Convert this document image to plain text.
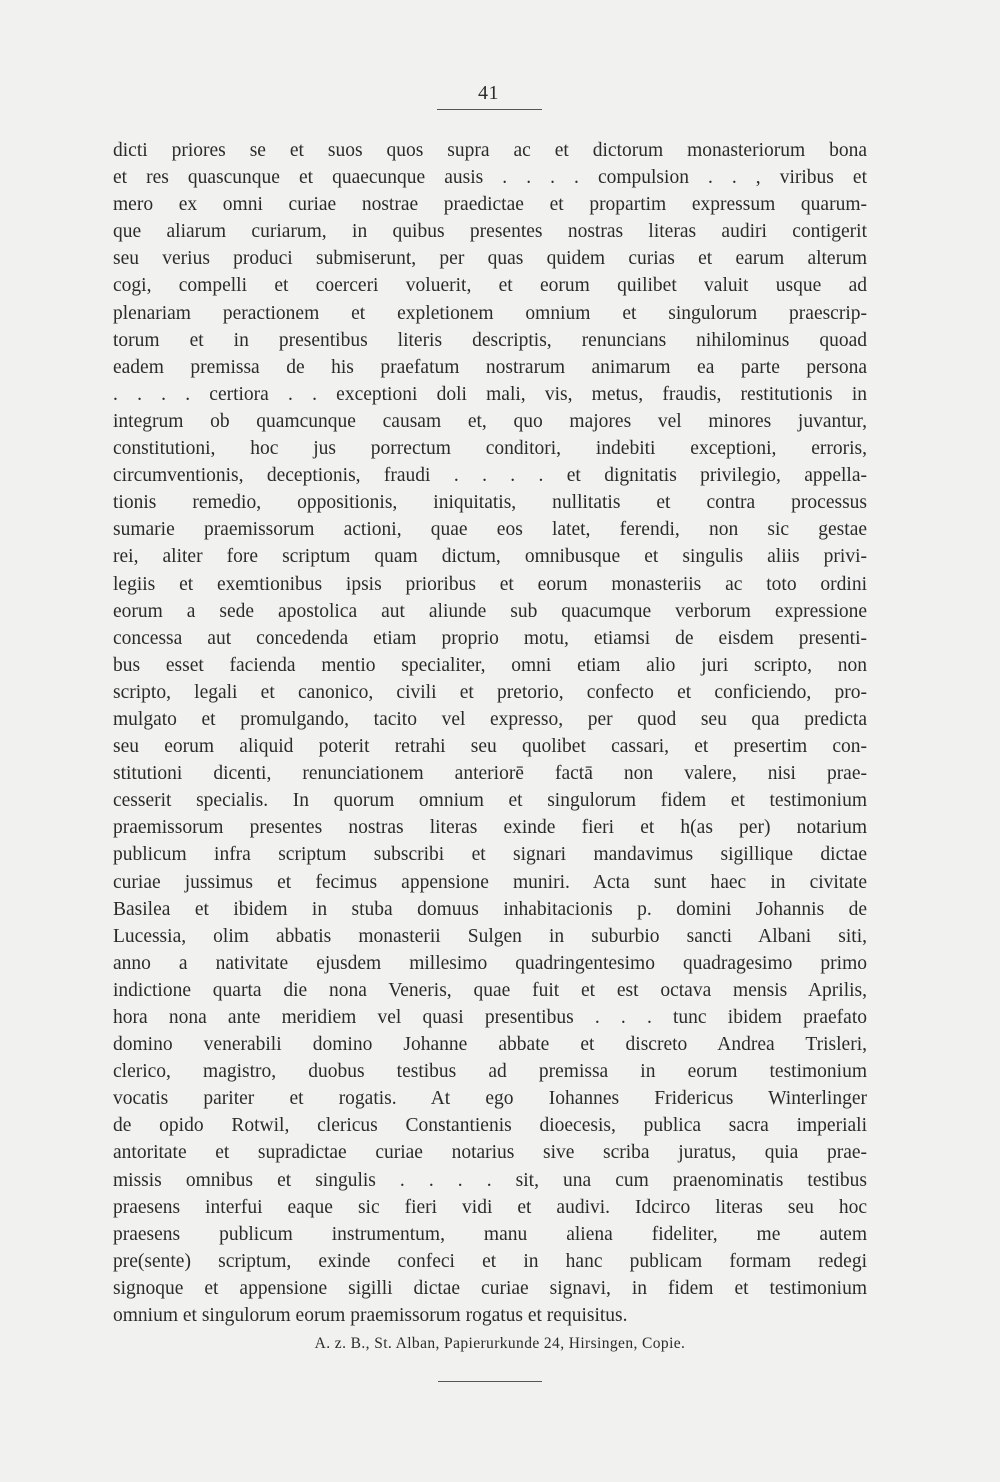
41
dicti priores se et suos quos supra ac et dictorum monasteriorum bona
et res quascunque et quaecunque ausis . . . . compulsion . . , viribus et
mero ex omni curiae nostrae praedictae et propartim expressum quarum-
que aliarum curiarum, in quibus presentes nostras literas audiri contigerit
seu verius produci submiserunt, per quas quidem curias et earum alterum
cogi, compelli et coerceri voluerit, et eorum quilibet valuit usque ad
plenariam peractionem et expletionem omnium et singulorum praescrip-
torum et in presentibus literis descriptis, renuncians nihilominus quoad
eadem premissa de his praefatum nostrarum animarum ea parte persona
. . . . certiora . . exceptioni doli mali, vis, metus, fraudis, restitutionis in
integrum ob quamcunque causam et, quo majores vel minores juvantur,
constitutioni, hoc jus porrectum conditori, indebiti exceptioni, erroris,
circumventionis, deceptionis, fraudi . . . . et dignitatis privilegio, appella-
tionis remedio, oppositionis, iniquitatis, nullitatis et contra processus
sumarie praemissorum actioni, quae eos latet, ferendi, non sic gestae
rei, aliter fore scriptum quam dictum, omnibusque et singulis aliis privi-
legiis et exemtionibus ipsis prioribus et eorum monasteriis ac toto ordini
eorum a sede apostolica aut aliunde sub quacumque verborum expressione
concessa aut concedenda etiam proprio motu, etiamsi de eisdem presenti-
bus esset facienda mentio specialiter, omni etiam alio juri scripto, non
scripto, legali et canonico, civili et pretorio, confecto et conficiendo, pro-
mulgato et promulgando, tacito vel expresso, per quod seu qua predicta
seu eorum aliquid poterit retrahi seu quolibet cassari, et presertim con-
stitutioni dicenti, renunciationem anteriorē factā non valere, nisi prae-
cesserit specialis. In quorum omnium et singulorum fidem et testimonium
praemissorum presentes nostras literas exinde fieri et h(as per) notarium
publicum infra scriptum subscribi et signari mandavimus sigillique dictae
curiae jussimus et fecimus appensione muniri. Acta sunt haec in civitate
Basilea et ibidem in stuba domuus inhabitacionis p. domini Johannis de
Lucessia, olim abbatis monasterii Sulgen in suburbio sancti Albani siti,
anno a nativitate ejusdem millesimo quadringentesimo quadragesimo primo
indictione quarta die nona Veneris, quae fuit et est octava mensis Aprilis,
hora nona ante meridiem vel quasi presentibus . . . tunc ibidem praefato
domino venerabili domino Johanne abbate et discreto Andrea Trisleri,
clerico, magistro, duobus testibus ad premissa in eorum testimonium
vocatis pariter et rogatis. At ego Iohannes Fridericus Winterlinger
de opido Rotwil, clericus Constantienis dioecesis, publica sacra imperiali
antoritate et supradictae curiae notarius sive scriba juratus, quia prae-
missis omnibus et singulis . . . . sit, una cum praenominatis testibus
praesens interfui eaque sic fieri vidi et audivi. Idcirco literas seu hoc
praesens publicum instrumentum, manu aliena fideliter, me autem
pre(sente) scriptum, exinde confeci et in hanc publicam formam redegi
signoque et appensione sigilli dictae curiae signavi, in fidem et testimonium
omnium et singulorum eorum praemissorum rogatus et requisitus.
A. z. B., St. Alban, Papierurkunde 24, Hirsingen, Copie.
